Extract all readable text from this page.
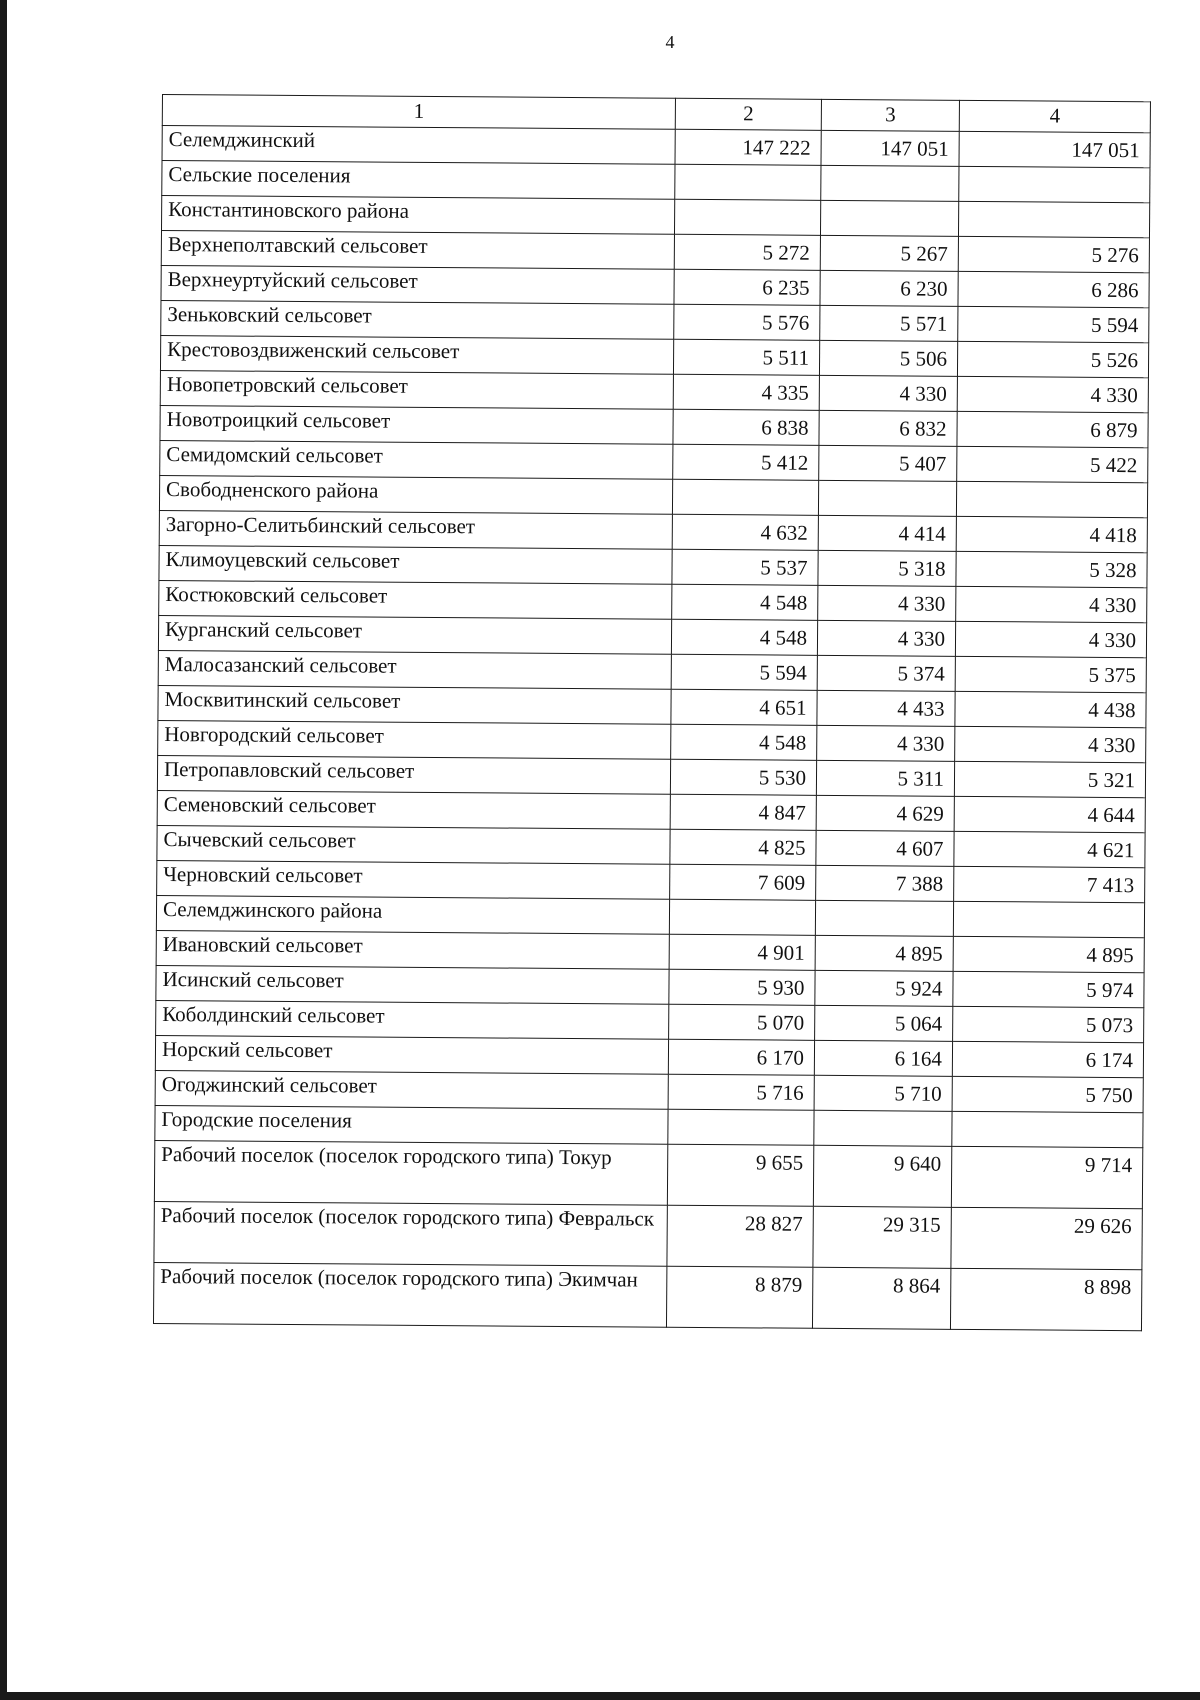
4
1	2	3	4
Селемджинский	147 222	147 051	147 051
Сельские поселения			
Константиновского района			
Верхнеполтавский сельсовет	5 272	5 267	5 276
Верхнеуртуйский сельсовет	6 235	6 230	6 286
Зеньковский сельсовет	5 576	5 571	5 594
Крестовоздвиженский сельсовет	5 511	5 506	5 526
Новопетровский сельсовет	4 335	4 330	4 330
Новотроицкий сельсовет	6 838	6 832	6 879
Семидомский сельсовет	5 412	5 407	5 422
Свободненского района			
Загорно-Селитьбинский сельсовет	4 632	4 414	4 418
Климоуцевский сельсовет	5 537	5 318	5 328
Костюковский сельсовет	4 548	4 330	4 330
Курганский сельсовет	4 548	4 330	4 330
Малосазанский сельсовет	5 594	5 374	5 375
Москвитинский сельсовет	4 651	4 433	4 438
Новгородский сельсовет	4 548	4 330	4 330
Петропавловский сельсовет	5 530	5 311	5 321
Семеновский сельсовет	4 847	4 629	4 644
Сычевский сельсовет	4 825	4 607	4 621
Черновский сельсовет	7 609	7 388	7 413
Селемджинского района			
Ивановский сельсовет	4 901	4 895	4 895
Исинский сельсовет	5 930	5 924	5 974
Коболдинский сельсовет	5 070	5 064	5 073
Норский сельсовет	6 170	6 164	6 174
Огоджинский сельсовет	5 716	5 710	5 750
Городские поселения			
Рабочий поселок (поселок городского типа) Токур	9 655	9 640	9 714
Рабочий поселок (поселок городского типа) Февральск	28 827	29 315	29 626
Рабочий поселок (поселок городского типа) Экимчан	8 879	8 864	8 898
